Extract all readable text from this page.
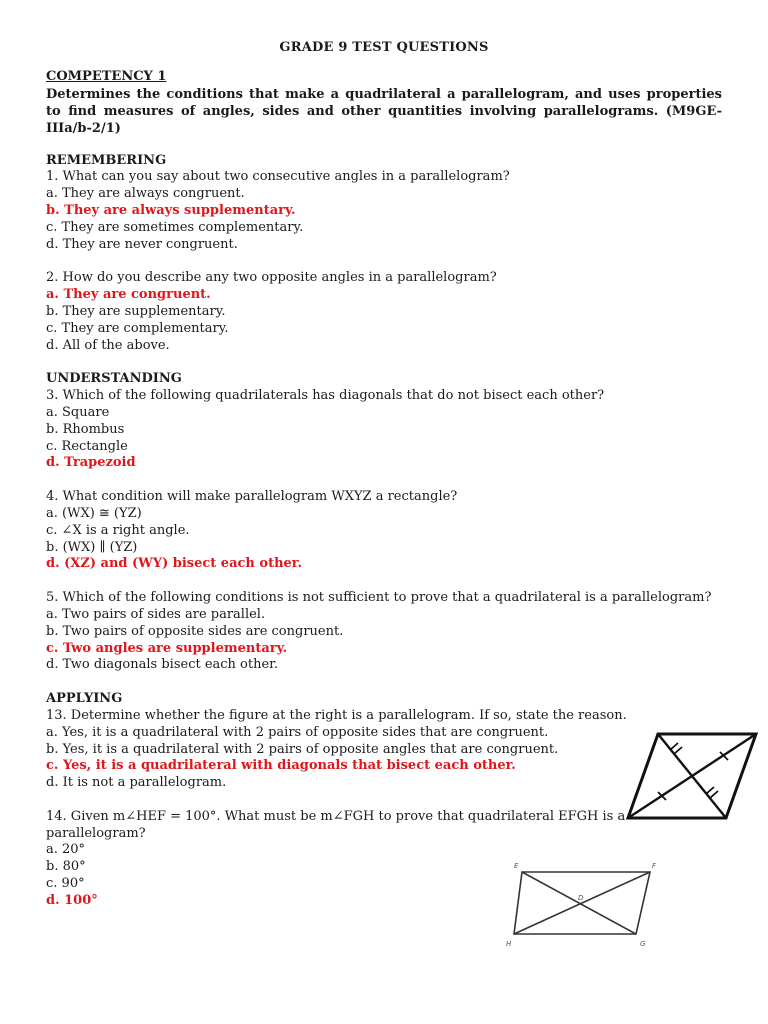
GRADE 9 TEST QUESTIONS

COMPETENCY 1

Determines the conditions that make a quadrilateral a parallelogram, and uses properties to find measures of angles, sides and other quantities involving parallelograms. (M9GE-IIIa/b-2/1)

REMEMBERING

1. What can you say about two consecutive angles in a parallelogram?

a. They are always congruent.

b. They are always supplementary.

c. They are sometimes complementary.

d. They are never congruent.

2. How do you describe any two opposite angles in a parallelogram?

a. They are congruent.

b. They are supplementary.

c. They are complementary.

d. All of the above.

UNDERSTANDING

3. Which of the following quadrilaterals has diagonals that do not bisect each other?

a. Square

b. Rhombus

c. Rectangle

d. Trapezoid

4. What condition will make parallelogram WXYZ a rectangle?

a. (WX) ≅ (YZ)

c. ∠X is a right angle.

b. (WX) ∥ (YZ)

d. (XZ) and (WY) bisect each other.

5. Which of the following conditions is not sufficient to prove that a quadrilateral is a parallelogram?

a. Two pairs of sides are parallel.

b. Two pairs of opposite sides are congruent.

c. Two angles are supplementary.

d. Two diagonals bisect each other.

APPLYING

13. Determine whether the figure at the right is a parallelogram. If so, state the reason.

a. Yes, it is a quadrilateral with 2 pairs of opposite sides that are congruent.

b. Yes, it is a quadrilateral with 2 pairs of opposite angles that are congruent.

c. Yes, it is a quadrilateral with diagonals that bisect each other.

d. It is not a parallelogram.

14. Given m∠HEF = 100°. What must be m∠FGH to prove that quadrilateral EFGH is a parallelogram?

a. 20°

b. 80°

c. 90°

d. 100°

E	F
G
H
D
